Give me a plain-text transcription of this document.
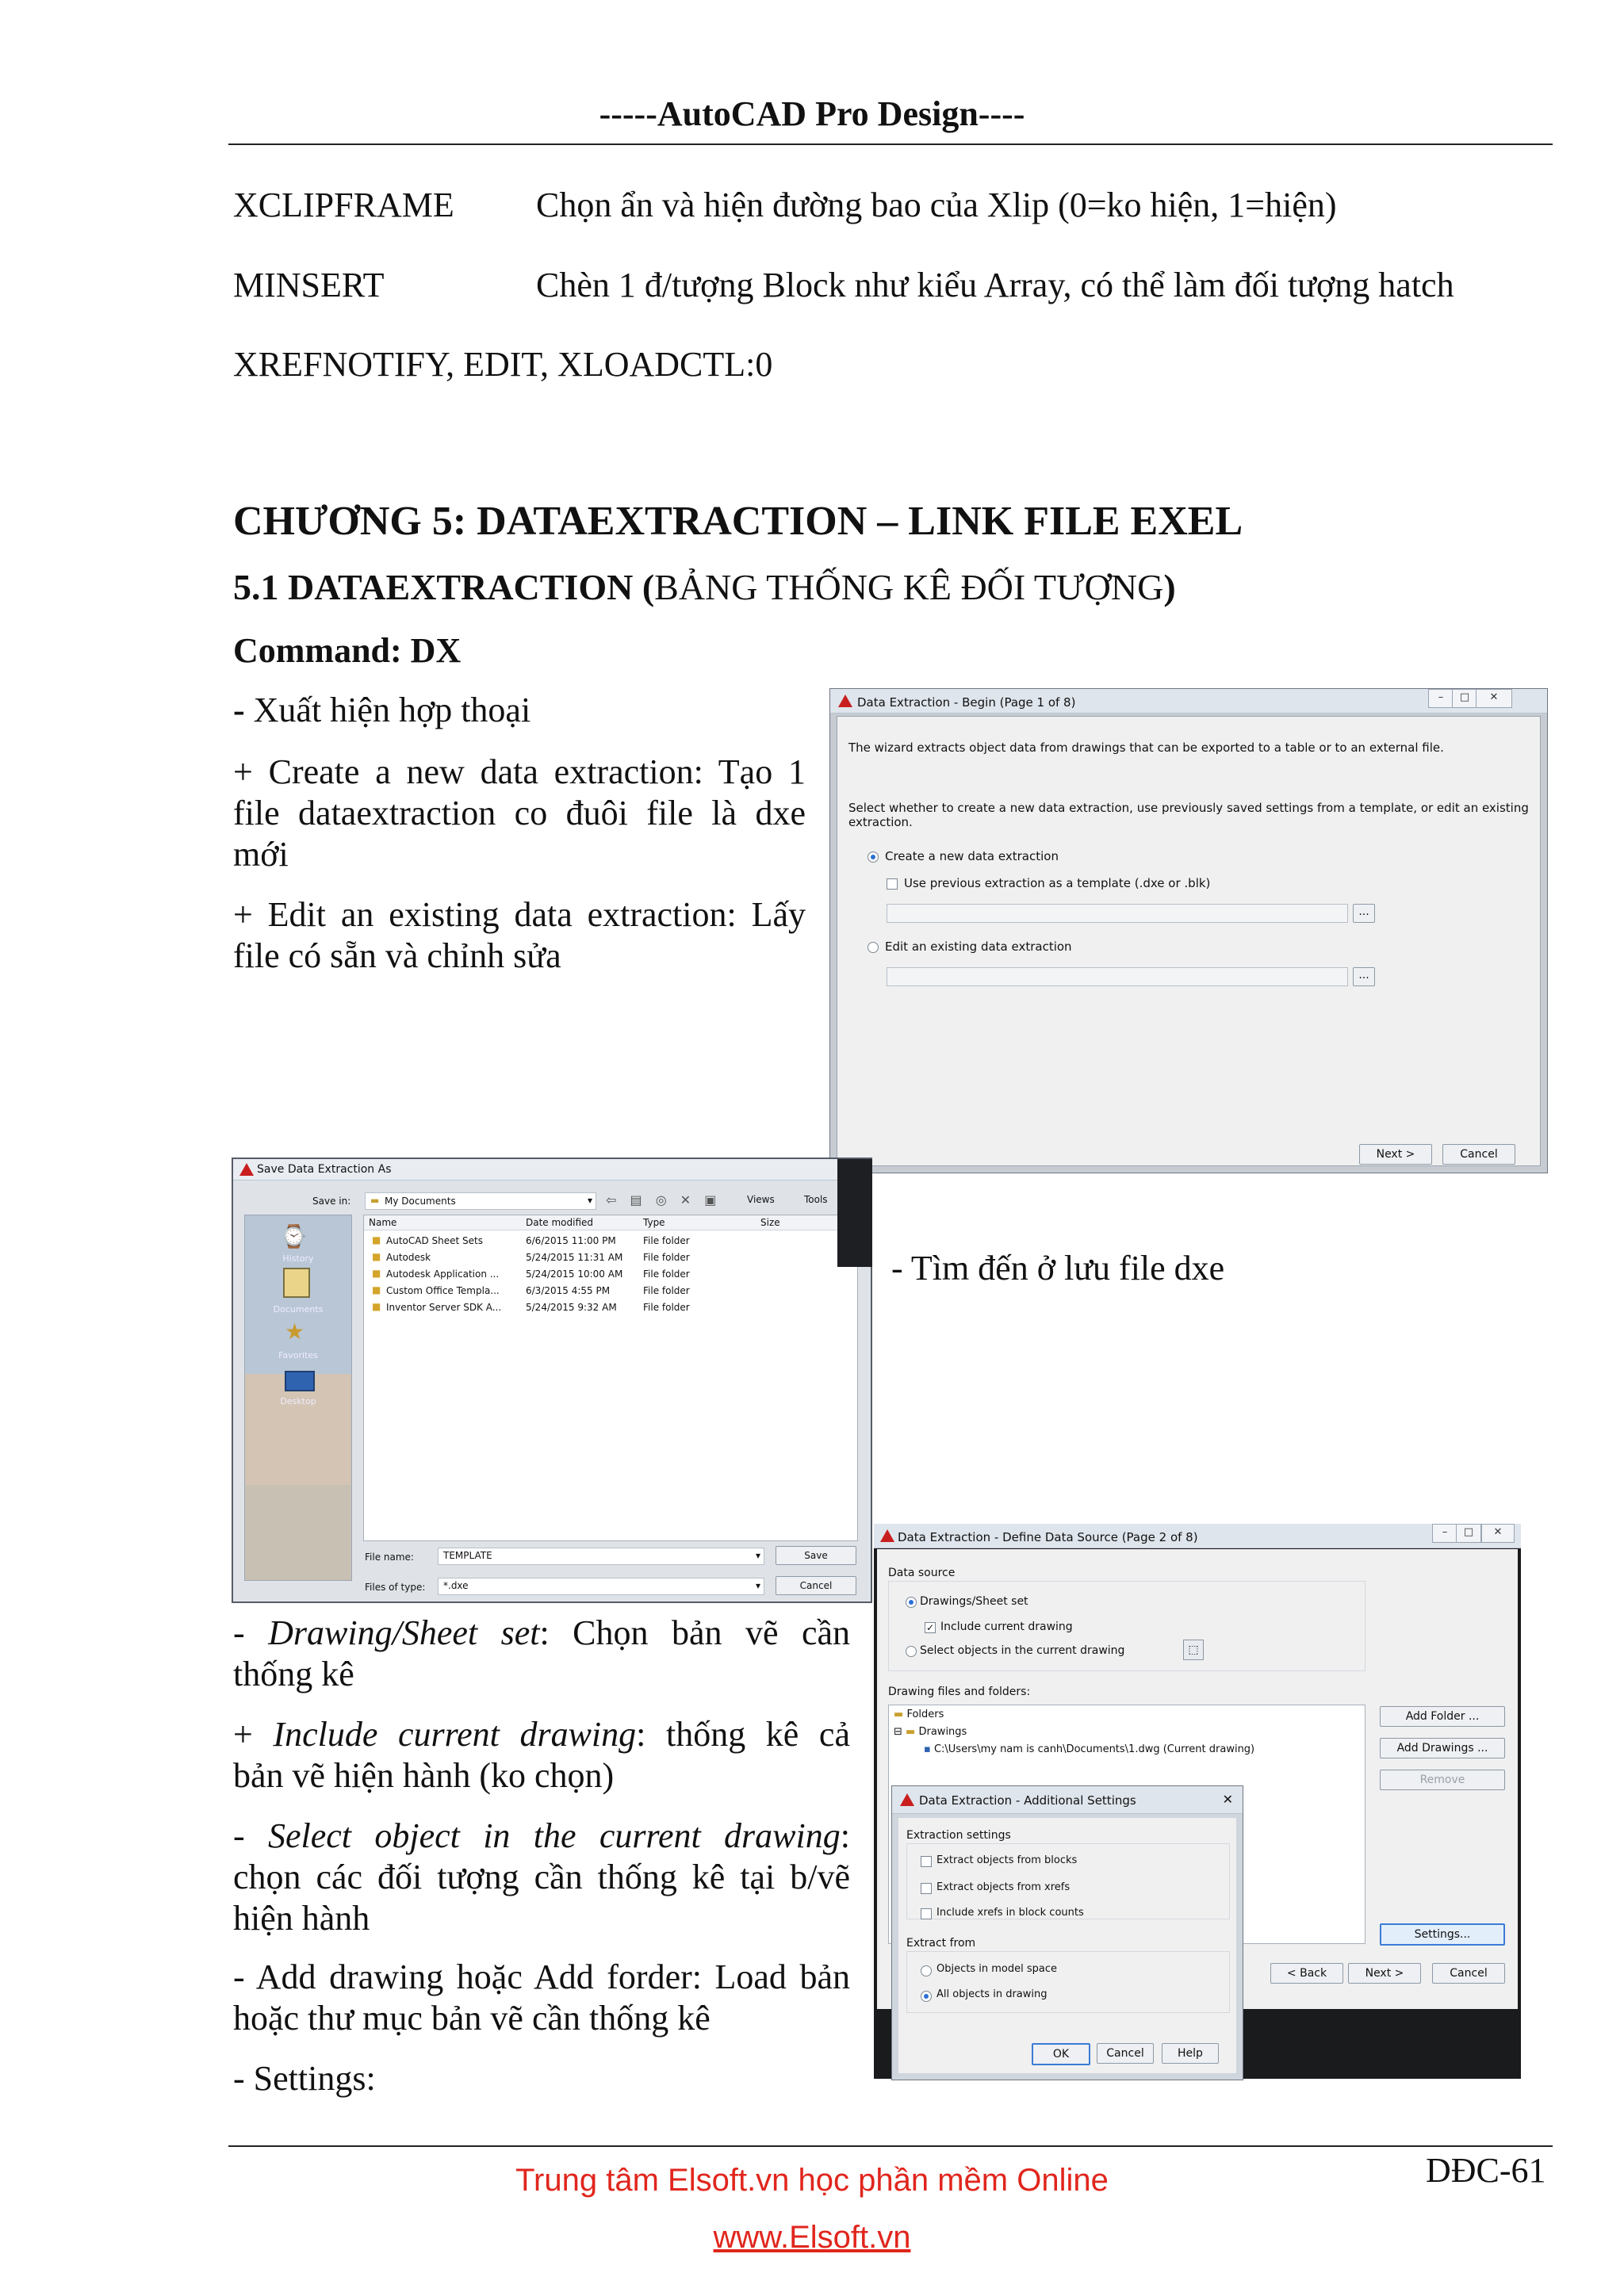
-----AutoCAD Pro Design----
XCLIPFRAME Chọn ẩn và hiện đường bao của Xlip (0=ko hiện, 1=hiện)
MINSERT	Chèn 1 đ/tượng Block như kiểu Array, có thể làm đối tượng hatch
XREFNOTIFY, EDIT, XLOADCTL:0
CHƯƠNG 5: DATAEXTRACTION – LINK FILE EXEL
5.1 DATAEXTRACTION (BẢNG THỐNG KÊ ĐỐI TƯỢNG)
Command: DX
- Xuất hiện hợp thoại
+ Create a new data extraction: Tạo 1
file dataextraction co đuôi file là dxe
mới
+ Edit an existing data extraction: Lấy
file có sẵn và chỉnh sửa
Data Extraction - Begin (Page 1 of 8)	–	□	✕
The wizard extracts object data from drawings that can be exported to a table or to an external file.
Select whether to create a new data extraction, use previously saved settings from a template, or edit an existing extraction.
Create a new data extraction
Use previous extraction as a template (.dxe or .blk)
...
Edit an existing data extraction
...
Next >	Cancel
Save Data Extraction As
Save in: ▬ My Documents	▾ ⇦ ▤ ◎ ✕ ▣	Views	Tools
⌚
History
Documents
★
Favorites
Desktop
Name	Date modified	Type	Size
■ AutoCAD Sheet Sets	6/6/2015 11:00 PM	File folder
■ Autodesk	5/24/2015 11:31 AM File folder
■ Autodesk Application ...	5/24/2015 10:00 AM File folder
■ Custom Office Templa...	6/3/2015 4:55 PM	File folder
■ Inventor Server SDK A...	5/24/2015 9:32 AM	File folder
File name:	TEMPLATE	▾
Files of type: *.dxe	▾
Save
Cancel
- Tìm đến ở lưu file dxe
- Drawing/Sheet set: Chọn bản vẽ cần
thống kê
+ Include current drawing: thống kê cả
bản vẽ hiện hành (ko chọn)
- Select object in the current drawing:
chọn các đối tượng cần thống kê tại b/vẽ
hiện hành
- Add drawing hoặc Add forder: Load bản
hoặc thư mục bản vẽ cần thống kê
- Settings:
Data Extraction - Define Data Source (Page 2 of 8)	–	□	✕
Data source
Drawings/Sheet set
✓ Include current drawing
Select objects in the current drawing	⬚
Drawing files and folders:
▬ Folders
⊟ ▬ Drawings
▪ C:\Users\my nam is canh\Documents\1.dwg (Current drawing)
Add Folder ...
Add Drawings ...
Remove
Settings...
< Back	Next >	Cancel
Data Extraction - Additional Settings	✕
Extraction settings
Extract objects from blocks
Extract objects from xrefs
Include xrefs in block counts
Extract from
Objects in model space
All objects in drawing
OK	Cancel	Help
DĐC-61
Trung tâm Elsoft.vn học phần mềm Online
www.Elsoft.vn
